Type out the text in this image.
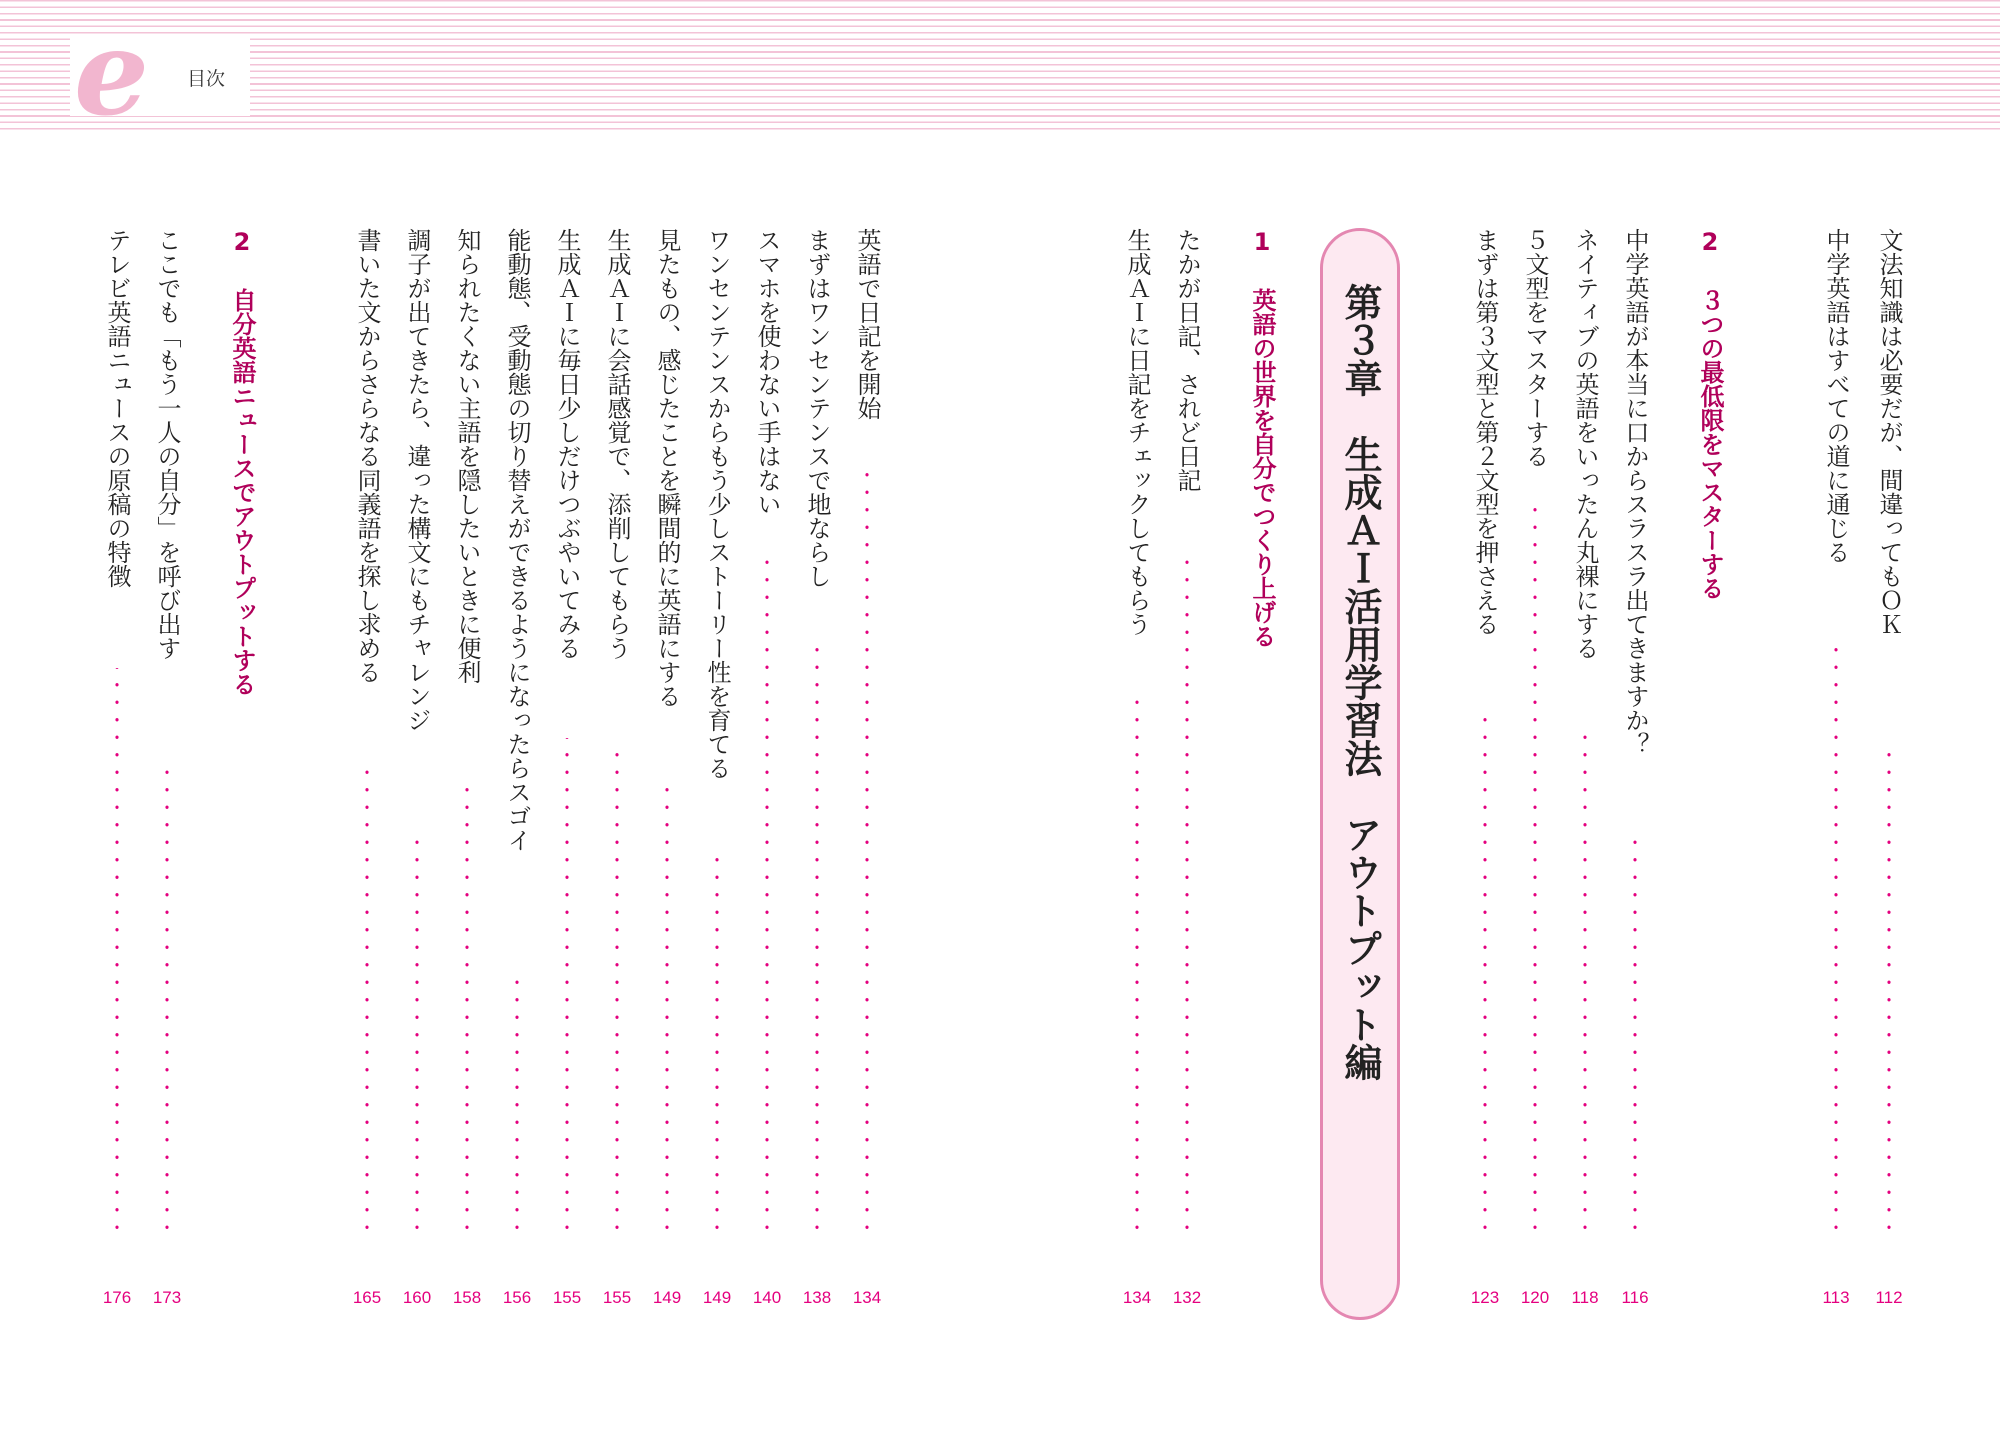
e 目次
文法知識は必要だが、間違ってもＯＫ
112
中学英語はすべての道に通じる
113
2
３つの最低限をマスターする
中学英語が本当に口からスラスラ出てきますか？
116
ネイティブの英語をいったん丸裸にする
118
５文型をマスターする
120
まずは第３文型と第２文型を押さえる
123
第３章　生成ＡＩ活用学習法　アウトプット編
1
英語の世界を自分でつくり上げる
たかが日記、されど日記
132
生成ＡＩに日記をチェックしてもらう
134
英語で日記を開始
134
まずはワンセンテンスで地ならし
138
スマホを使わない手はない
140
ワンセンテンスからもう少しストーリー性を育てる
149
見たもの、感じたことを瞬間的に英語にする
149
生成ＡＩに会話感覚で、添削してもらう
155
生成ＡＩに毎日少しだけつぶやいてみる
155
能動態、受動態の切り替えができるようになったらスゴイ
156
知られたくない主語を隠したいときに便利
158
調子が出てきたら、違った構文にもチャレンジ
160
書いた文からさらなる同義語を探し求める
165
2
自分英語ニュースでアウトプットする
ここでも「もう一人の自分」を呼び出す
173
テレビ英語ニュースの原稿の特徴
176
